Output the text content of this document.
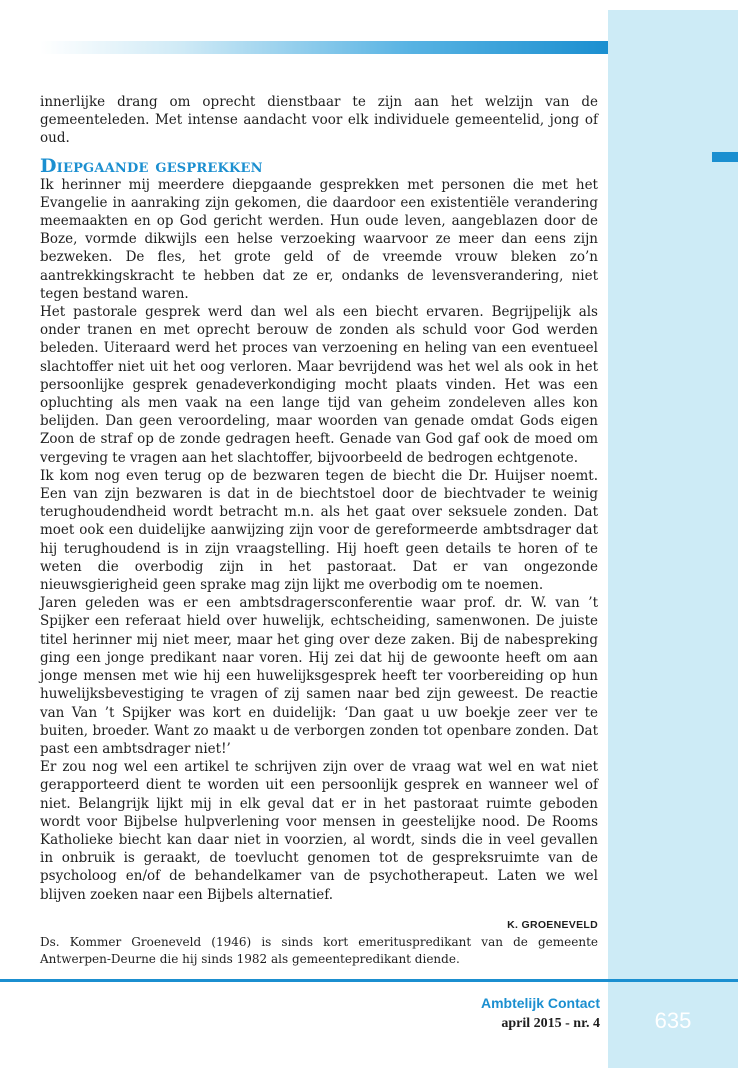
innerlijke drang om oprecht dienstbaar te zijn aan het welzijn van de gemeenteleden. Met intense aandacht voor elk individuele gemeentelid, jong of oud.

Diepgaande gesprekken

Ik herinner mij meerdere diepgaande gesprekken met personen die met het Evangelie in aanraking zijn gekomen, die daardoor een existentiële verandering meemaakten en op God gericht werden. Hun oude leven, aangeblazen door de Boze, vormde dikwijls een helse verzoeking waarvoor ze meer dan eens zijn bezweken. De fles, het grote geld of de vreemde vrouw bleken zo’n aantrekkingskracht te hebben dat ze er, ondanks de levensverandering, niet tegen bestand waren.

Het pastorale gesprek werd dan wel als een biecht ervaren. Begrijpelijk als onder tranen en met oprecht berouw de zonden als schuld voor God werden beleden. Uiteraard werd het proces van verzoening en heling van een eventueel slachtoffer niet uit het oog verloren. Maar bevrijdend was het wel als ook in het persoonlijke gesprek genadeverkondiging mocht plaats vinden. Het was een opluchting als men vaak na een lange tijd van geheim zondeleven alles kon belijden. Dan geen veroordeling, maar woorden van genade omdat Gods eigen Zoon de straf op de zonde gedragen heeft. Genade van God gaf ook de moed om vergeving te vragen aan het slachtoffer, bijvoorbeeld de bedrogen echtgenote.

Ik kom nog even terug op de bezwaren tegen de biecht die Dr. Huijser noemt. Een van zijn bezwaren is dat in de biechtstoel door de biechtvader te weinig terughoudendheid wordt betracht m.n. als het gaat over seksuele zonden. Dat moet ook een duidelijke aanwijzing zijn voor de gereformeerde ambtsdrager dat hij terughoudend is in zijn vraagstelling. Hij hoeft geen details te horen of te weten die overbodig zijn in het pastoraat. Dat er van ongezonde nieuwsgierigheid geen sprake mag zijn lijkt me overbodig om te noemen.

Jaren geleden was er een ambtsdragersconferentie waar prof. dr. W. van ’t Spijker een referaat hield over huwelijk, echtscheiding, samenwonen. De juiste titel herinner mij niet meer, maar het ging over deze zaken. Bij de nabespreking ging een jonge predikant naar voren. Hij zei dat hij de gewoonte heeft om aan jonge mensen met wie hij een huwelijksgesprek heeft ter voorbereiding op hun huwelijksbevestiging te vragen of zij samen naar bed zijn geweest. De reactie van Van ’t Spijker was kort en duidelijk: ‘Dan gaat u uw boekje zeer ver te buiten, broeder. Want zo maakt u de verborgen zonden tot openbare zonden. Dat past een ambtsdrager niet!’

Er zou nog wel een artikel te schrijven zijn over de vraag wat wel en wat niet gerapporteerd dient te worden uit een persoonlijk gesprek en wanneer wel of niet. Belangrijk lijkt mij in elk geval dat er in het pastoraat ruimte geboden wordt voor Bijbelse hulpverlening voor mensen in geestelijke nood. De Rooms Katholieke biecht kan daar niet in voorzien, al wordt, sinds die in veel gevallen in onbruik is geraakt, de toevlucht genomen tot de gespreksruimte van de psycholoog en/of de behandelkamer van de psychotherapeut. Laten we wel blijven zoeken naar een Bijbels alternatief.

K. GROENEVELD

Ds. Kommer Groeneveld (1946) is sinds kort emerituspredikant van de gemeente Antwerpen-Deurne die hij sinds 1982 als gemeentepredikant diende.

Ambtelijk Contact
april 2015 - nr. 4	635
